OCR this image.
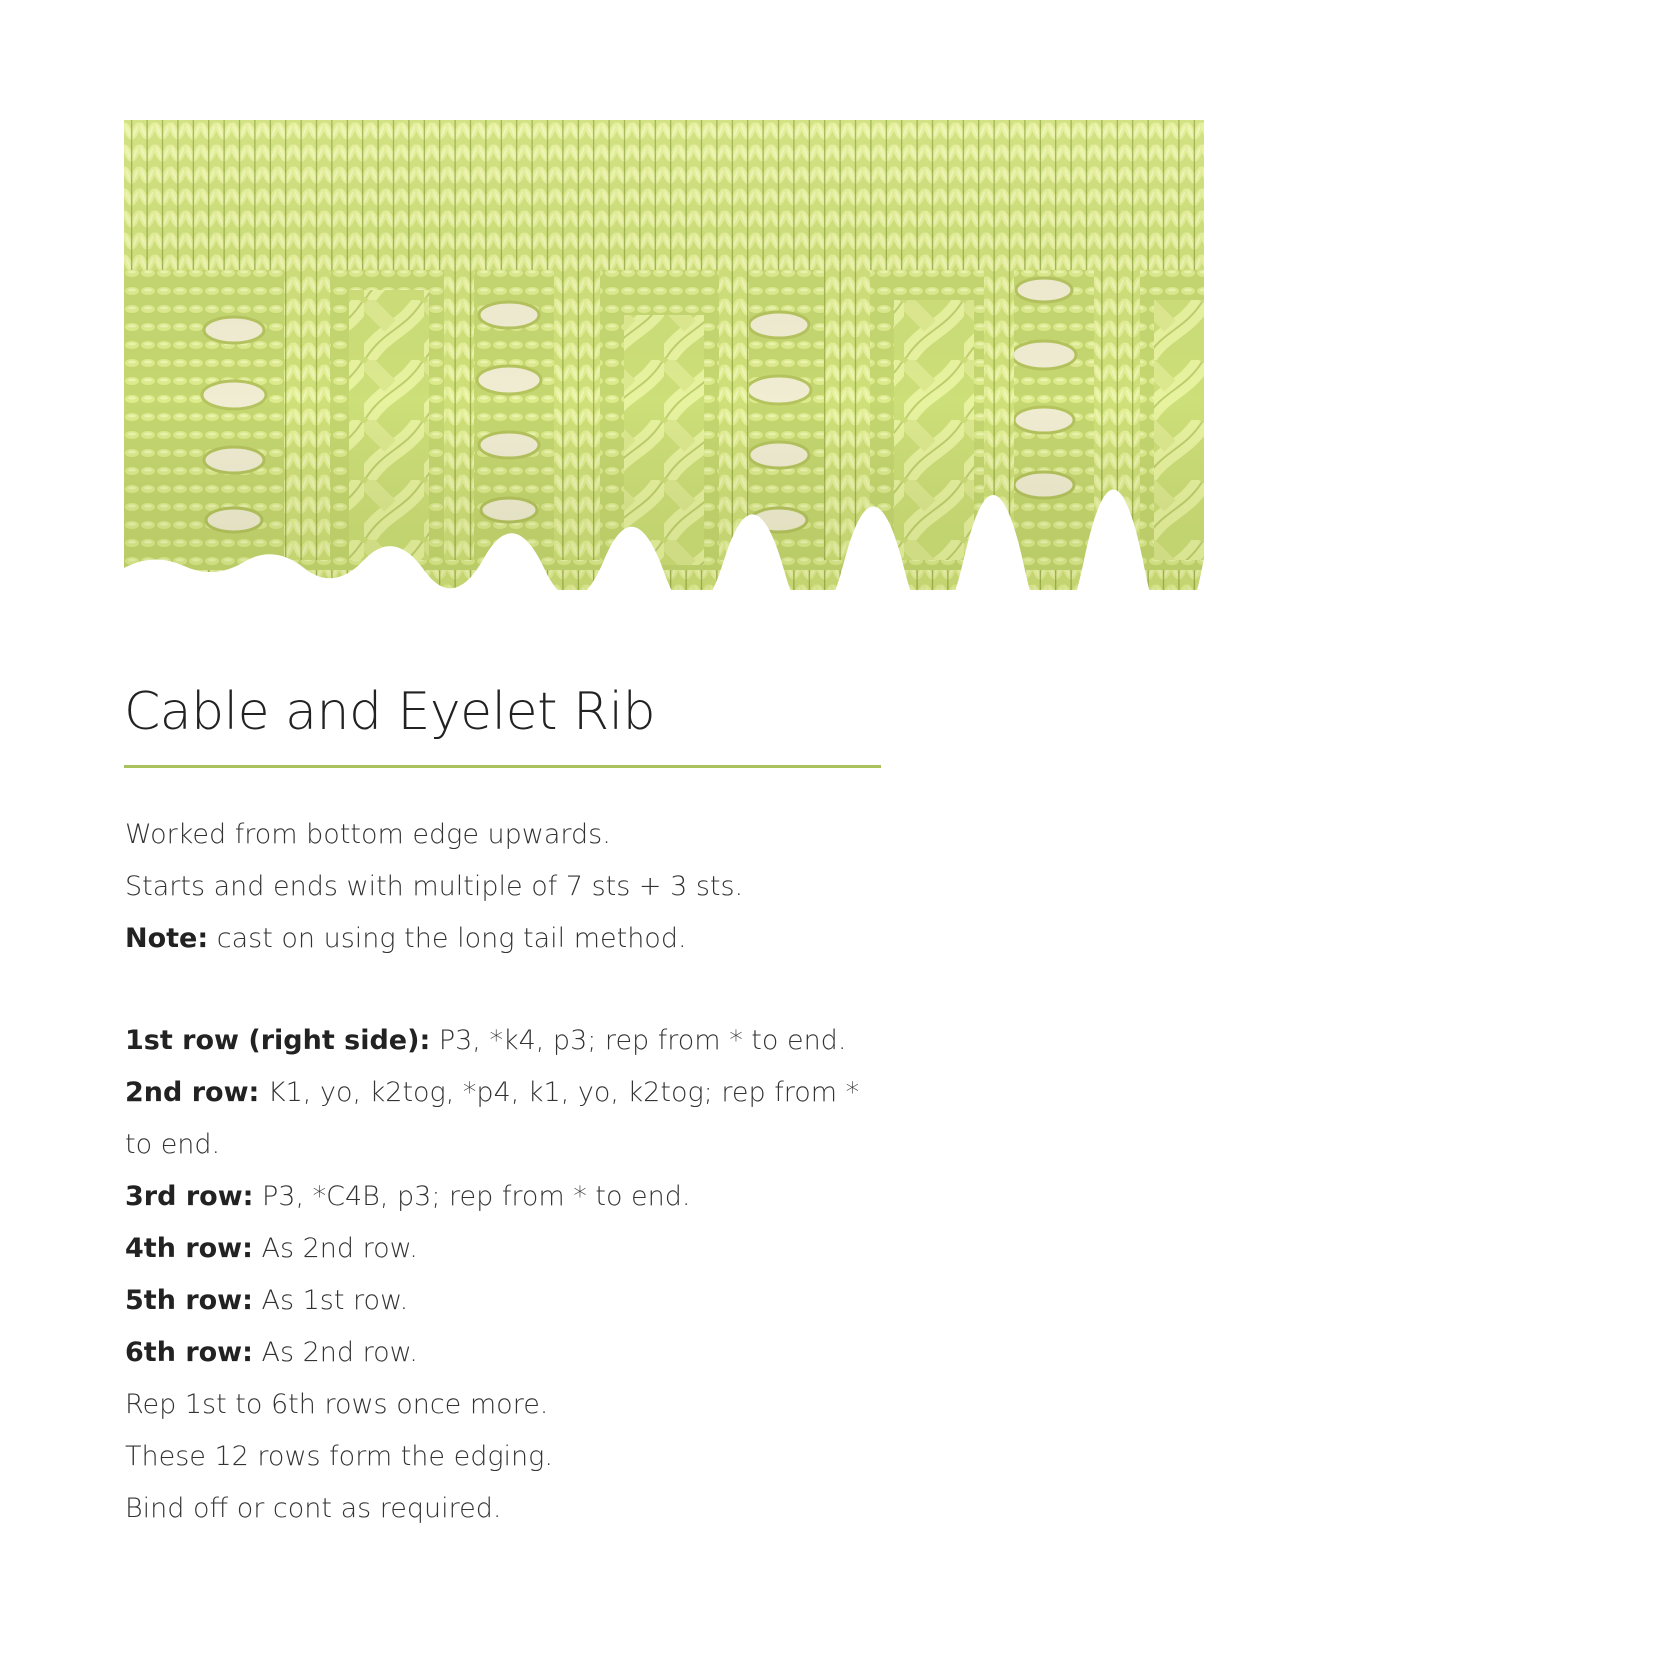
Cable and Eyelet Rib

Worked from bottom edge upwards.

Starts and ends with multiple of 7 sts + 3 sts.

Note: cast on using the long tail method.

1st row (right side): P3, *k4, p3; rep from * to end.

2nd row: K1, yo, k2tog, *p4, k1, yo, k2tog; rep from *

to end.

3rd row: P3, *C4B, p3; rep from * to end.

4th row: As 2nd row.

5th row: As 1st row.

6th row: As 2nd row.

Rep 1st to 6th rows once more.

These 12 rows form the edging.

Bind off or cont as required.
